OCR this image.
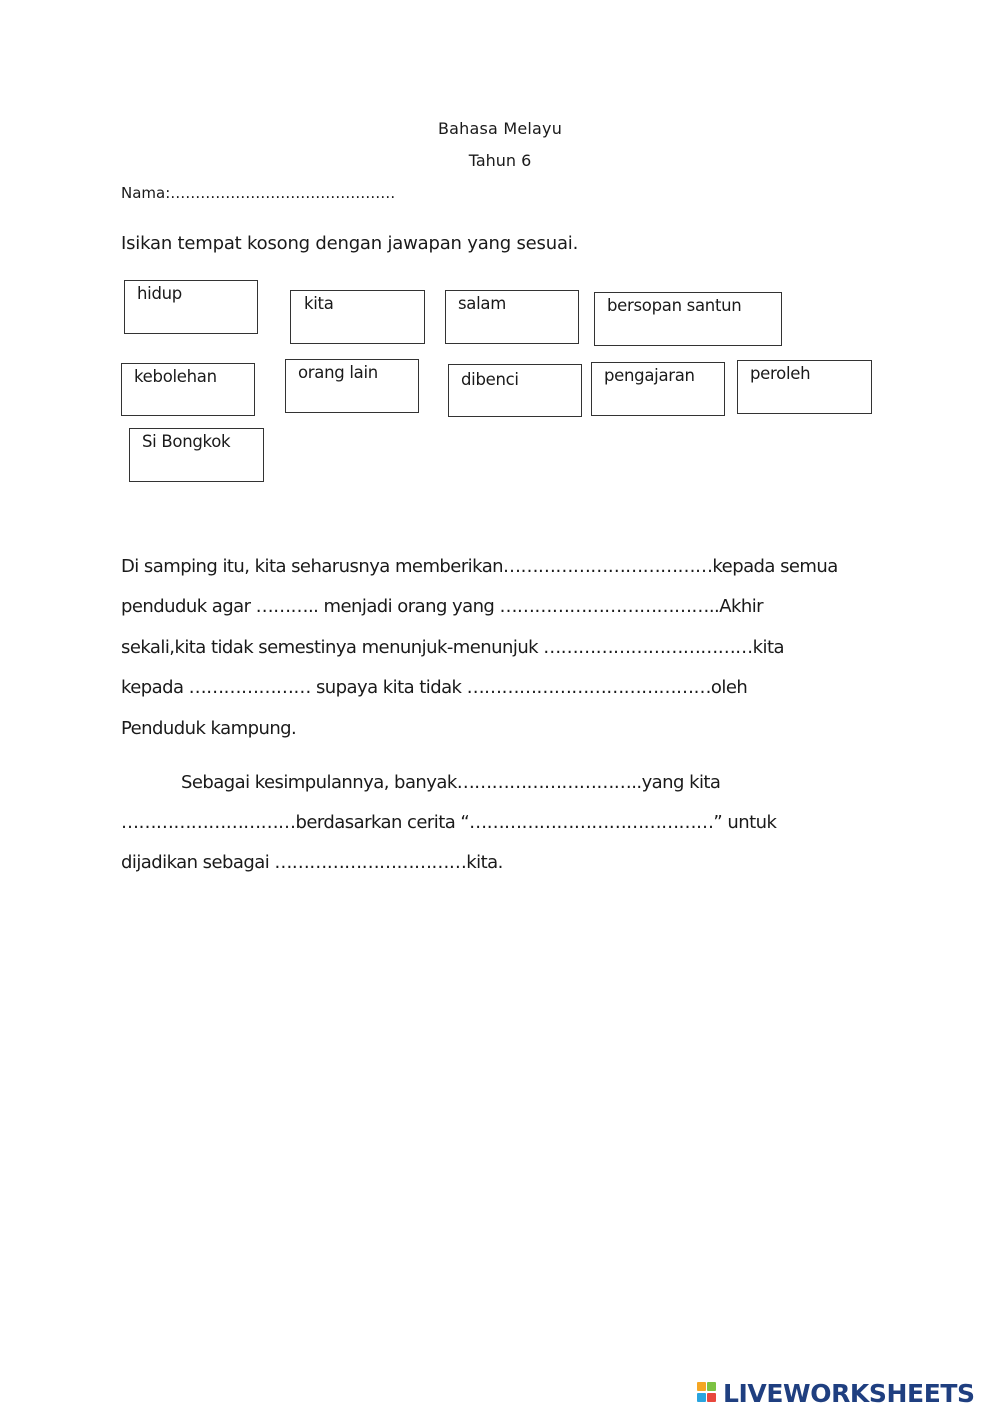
Bahasa Melayu
Tahun 6
Nama:………………………………………
Isikan tempat kosong dengan jawapan yang sesuai.
hidup
kita	salam	bersopan santun
kebolehan	orang lain	dibenci	pengajaran	peroleh
Si Bongkok
Di samping itu, kita seharusnya memberikan………………………………kepada semua
penduduk agar ……….. menjadi orang yang ………………………………..Akhir
sekali,kita tidak semestinya menunjuk-menunjuk ………………………………kita
kepada ………………… supaya kita tidak ……………………………………oleh
Penduduk kampung.
Sebagai kesimpulannya, banyak…………………………..yang kita
…………………………berdasarkan cerita “……………………………………” untuk
dijadikan sebagai ……………………………kita.
LIVEWORKSHEETS
